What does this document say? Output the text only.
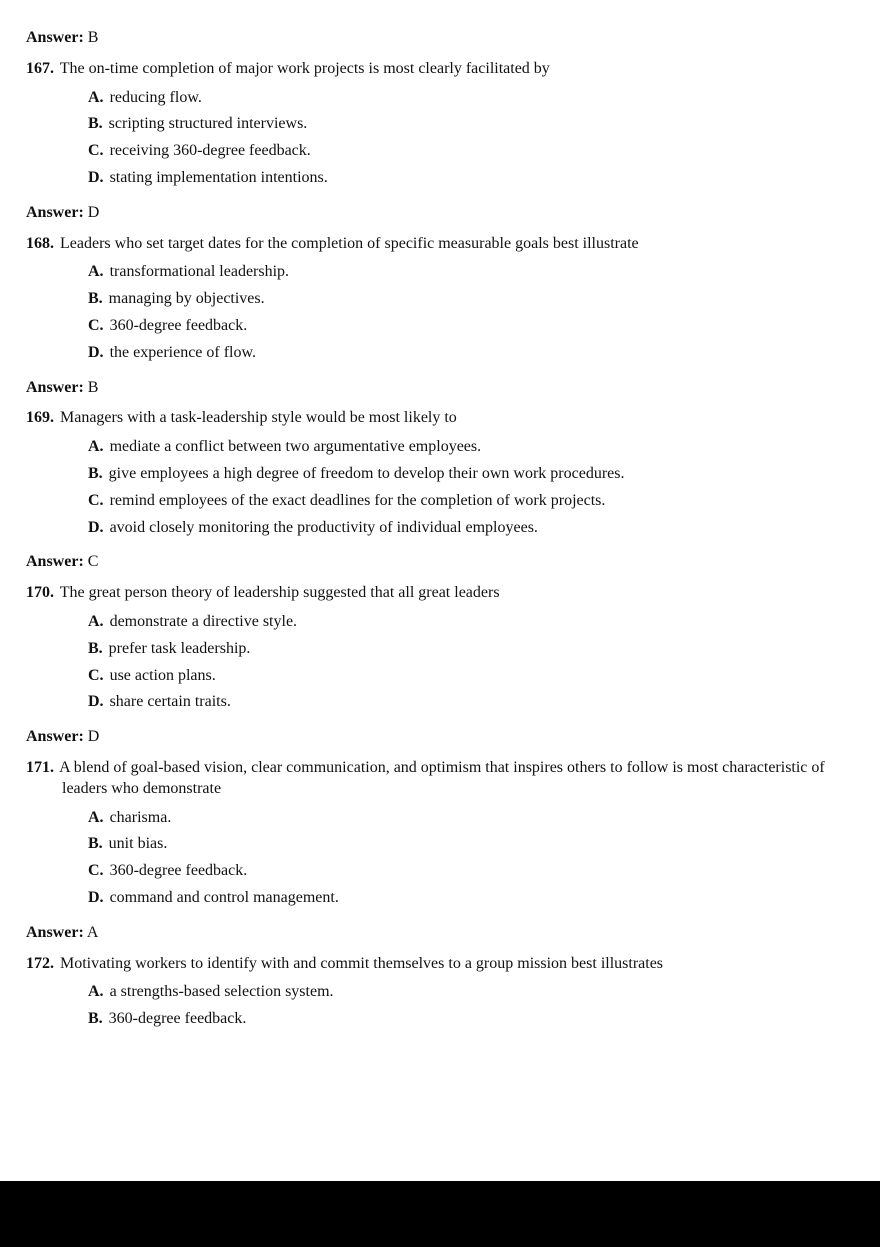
Answer: B
167. The on-time completion of major work projects is most clearly facilitated by
A. reducing flow.
B. scripting structured interviews.
C. receiving 360-degree feedback.
D. stating implementation intentions.
Answer: D
168. Leaders who set target dates for the completion of specific measurable goals best illustrate
A. transformational leadership.
B. managing by objectives.
C. 360-degree feedback.
D. the experience of flow.
Answer: B
169. Managers with a task-leadership style would be most likely to
A. mediate a conflict between two argumentative employees.
B. give employees a high degree of freedom to develop their own work procedures.
C. remind employees of the exact deadlines for the completion of work projects.
D. avoid closely monitoring the productivity of individual employees.
Answer: C
170. The great person theory of leadership suggested that all great leaders
A. demonstrate a directive style.
B. prefer task leadership.
C. use action plans.
D. share certain traits.
Answer: D
171. A blend of goal-based vision, clear communication, and optimism that inspires others to follow is most characteristic of leaders who demonstrate
A. charisma.
B. unit bias.
C. 360-degree feedback.
D. command and control management.
Answer: A
172. Motivating workers to identify with and commit themselves to a group mission best illustrates
A. a strengths-based selection system.
B. 360-degree feedback.
